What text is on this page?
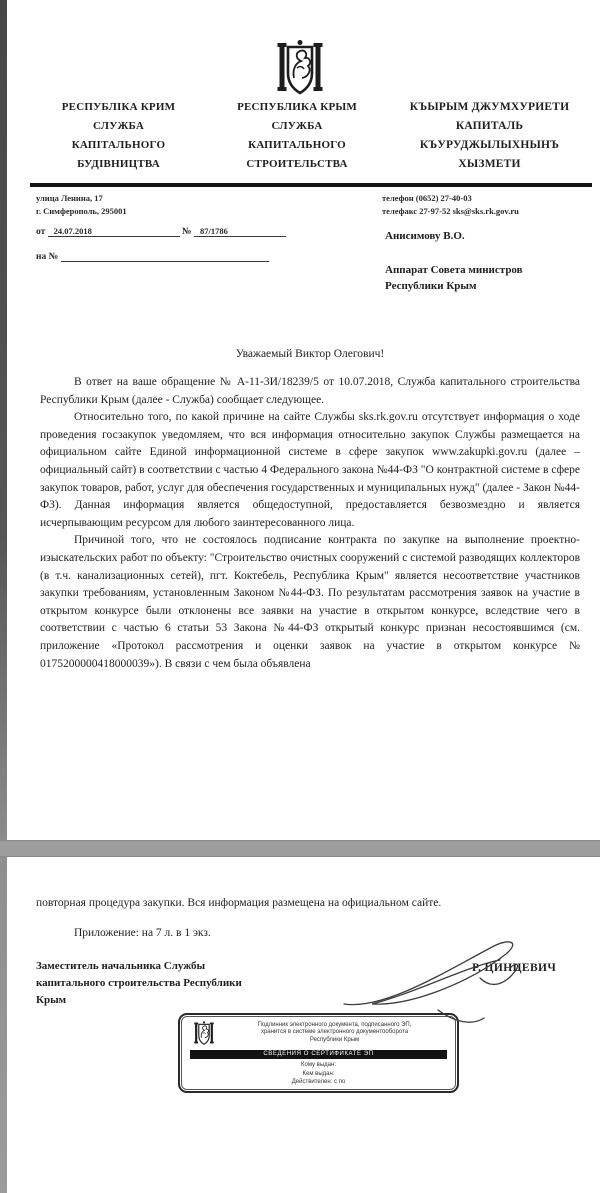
РЕСПУБЛІКА КРИМ
СЛУЖБА
КАПІТАЛЬНОГО
БУДІВНИЦТВА
РЕСПУБЛИКА КРЫМ
СЛУЖБА
КАПИТАЛЬНОГО
СТРОИТЕЛЬСТВА
КЪЫРЫМ ДЖУМХУРИЕТИ
КАПИТАЛЬ
КЪУРУДЖЫЛЫХНЫНЪ
ХЫЗМЕТИ
улица Ленина, 17
г. Симферополь, 295001
телефон (0652) 27-40-03
телефакс 27-97-52 sks@sks.rk.gov.ru
от 24.07.2018	№ 87/1786
на №
Анисимову В.О.
Аппарат Совета министров
Республики Крым
Уважаемый Виктор Олегович!

В ответ на ваше обращение № А-11-3И/18239/5 от 10.07.2018, Служба капитального строительства Республики Крым (далее - Служба) сообщает следующее.

Относительно того, по какой причине на сайте Службы sks.rk.gov.ru отсутствует информация о ходе проведения госзакупок уведомляем, что вся информация относительно закупок Службы размещается на официальном сайте Единой информационной системе в сфере закупок www.zakupki.gov.ru (далее – официальный сайт) в соответствии с частью 4 Федерального закона №44-ФЗ "О контрактной системе в сфере закупок товаров, работ, услуг для обеспечения государственных и муниципальных нужд" (далее - Закон №44-ФЗ). Данная информация является общедоступной, предоставляется безвозмездно и является исчерпывающим ресурсом для любого заинтересованного лица.

Причиной того, что не состоялось подписание контракта по закупке на выполнение проектно-изыскательских работ по объекту: "Строительство очистных сооружений с системой разводящих коллекторов (в т.ч. канализационных сетей), пгт. Коктебель, Республика Крым" является несоответствие участников закупки требованиям, установленным Законом №44-ФЗ. По результатам рассмотрения заявок на участие в открытом конкурсе были отклонены все заявки на участие в открытом конкурсе, вследствие чего в соответствии с частью 6 статьи 53 Закона №44-ФЗ открытый конкурс признан несостоявшимся (см. приложение «Протокол рассмотрения и оценки заявок на участие в открытом конкурсе № 0175200000418000039»). В связи с чем была объявлена

повторная процедура закупки. Вся информация размещена на официальном сайте.
Приложение: на 7 л. в 1 экз.
Заместитель начальника Службы
капитального строительства Республики
Крым
Р. ЦИНЦЕВИЧ
Подлинник электронного документа, подписанного ЭП,
хранится в системе электронного документооборота
Республики Крым
СВЕДЕНИЯ О СЕРТИФИКАТЕ ЭП
Кому выдан:
Кем выдан:
Действителен: с по
